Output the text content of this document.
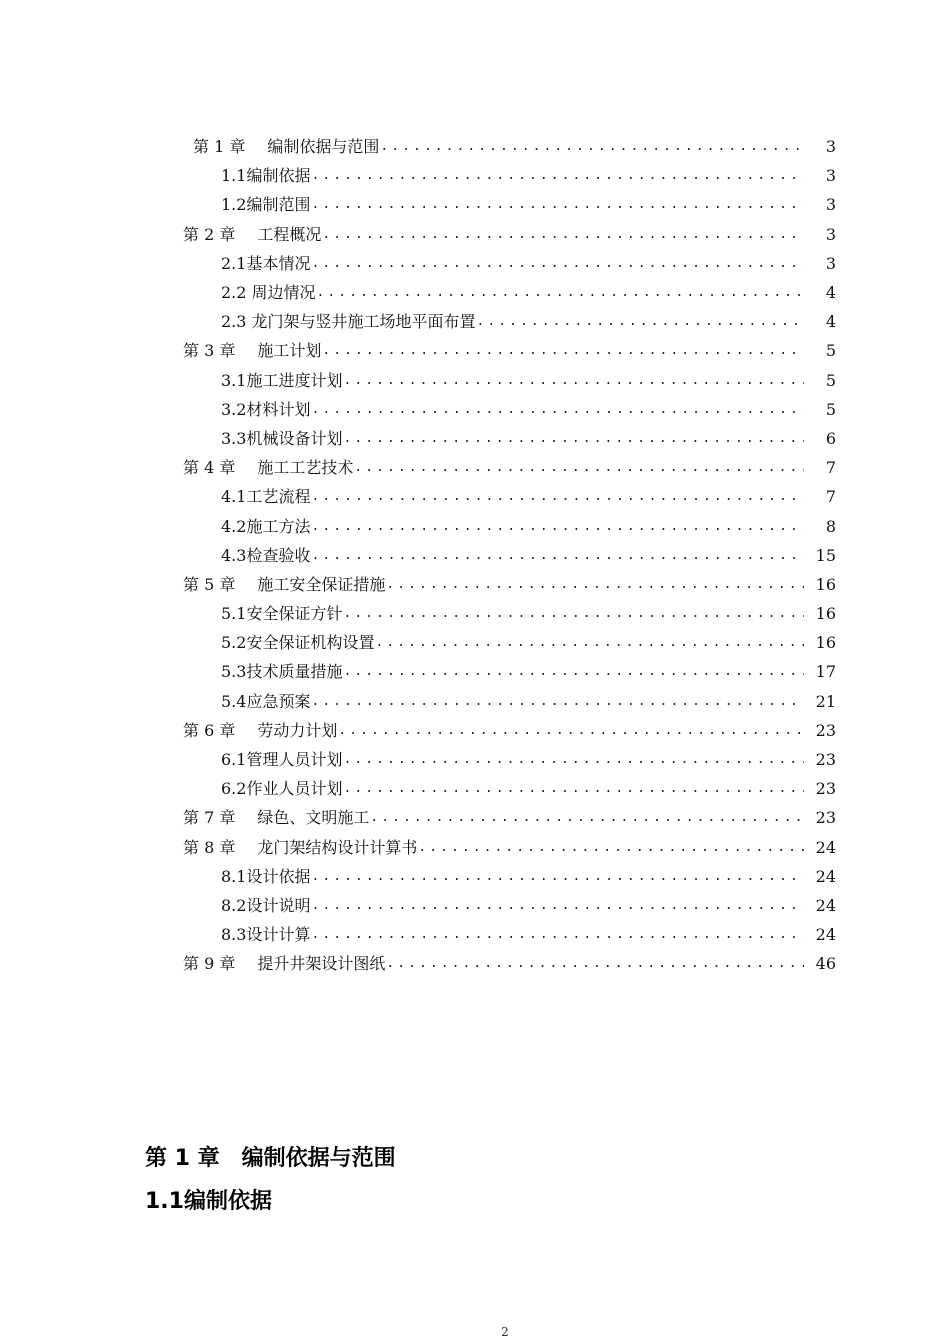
第 1 章 编制依据与范围 .....	3
1.1编制依据 .....	3
1.2编制范围 .....	3
第 2 章 工程概况 .....	3
2.1基本情况 .....	3
2.2 周边情况 .....	4
2.3 龙门架与竖井施工场地平面布置 .....	4
第 3 章 施工计划 .....	5
3.1施工进度计划 .....	5
3.2材料计划 .....	5
3.3机械设备计划 .....	6
第 4 章 施工工艺技术 .....	7
4.1工艺流程 .....	7
4.2施工方法 .....	8
4.3检查验收 .....	15
第 5 章 施工安全保证措施 .....	16
5.1安全保证方针 .....	16
5.2安全保证机构设置 .....	16
5.3技术质量措施 .....	17
5.4应急预案 .....	21
第 6 章 劳动力计划 .....	23
6.1管理人员计划 .....	23
6.2作业人员计划 .....	23
第 7 章 绿色、文明施工 .....	23
第 8 章 龙门架结构设计计算书 .....	24
8.1设计依据 .....	24
8.2设计说明 .....	24
8.3设计计算 .....	24
第 9 章 提升井架设计图纸 .....	46
第 1 章 编制依据与范围
1.1编制依据
2
